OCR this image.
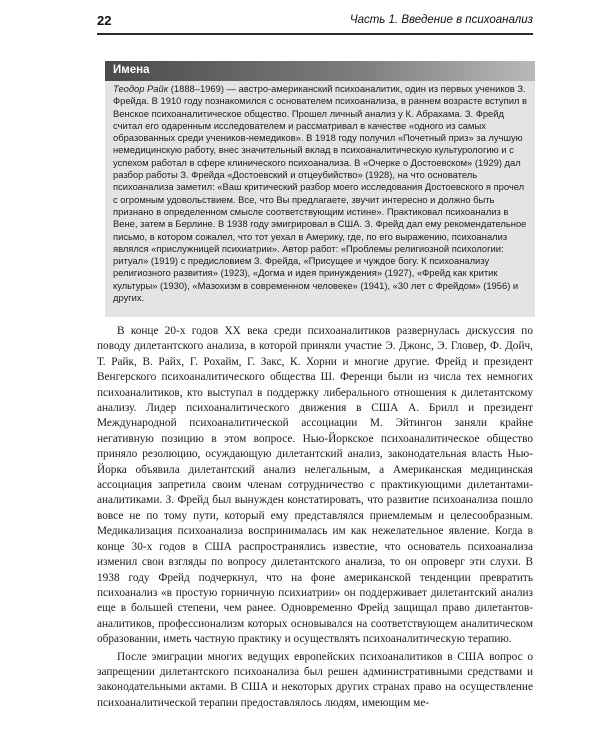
22	Часть 1. Введение в психоанализ
Имена
Теодор Райк (1888–1969) — австро-американский психоаналитик, один из первых учеников З. Фрейда. В 1910 году познакомился с основателем психоанализа, в раннем возрасте вступил в Венское психоаналитическое общество. Прошел личный анализ у К. Абрахама. З. Фрейд считал его одаренным исследователем и рассматривал в качестве «одного из самых образованных среди учеников-немедиков». В 1918 году получил «Почетный приз» за лучшую немедицинскую работу, внес значительный вклад в психоаналитическую культурологию и с успехом работал в сфере клинического психоанализа. В «Очерке о Достоевском» (1929) дал разбор работы З. Фрейда «Достоевский и отцеубийство» (1928), на что основатель психоанализа заметил: «Ваш критический разбор моего исследования Достоевского я прочел с огромным удовольствием. Все, что Вы предлагаете, звучит интересно и должно быть признано в определенном смысле соответствующим истине». Практиковал психоанализ в Вене, затем в Берлине. В 1938 году эмигрировал в США. З. Фрейд дал ему рекомендательное письмо, в котором сожалел, что тот уехал в Америку, где, по его выражению, психоанализ являлся «прислужницей психиатрии». Автор работ: «Проблемы религиозной психологии: ритуал» (1919) с предисловием З. Фрейда, «Присущее и чуждое богу. К психоанализу религиозного развития» (1923), «Догма и идея принуждения» (1927), «Фрейд как критик культуры» (1930), «Мазохизм в современном человеке» (1941), «30 лет с Фрейдом» (1956) и других.

В конце 20-х годов XX века среди психоаналитиков развернулась дискуссия по поводу дилетантского анализа, в которой приняли участие Э. Джонс, Э. Гловер, Ф. Дойч, Т. Райк, В. Райх, Г. Рохайм, Г. Закс, К. Хорни и многие другие. Фрейд и президент Венгерского психоаналитического общества Ш. Ференци были из числа тех немногих психоаналитиков, кто выступал в поддержку либерального отношения к дилетантскому анализу. Лидер психоаналитического движения в США А. Брилл и президент Международной психоаналитической ассоциации М. Эйтингон заняли крайне негативную позицию в этом вопросе. Нью-Йоркское психоаналитическое общество приняло резолюцию, осуждающую дилетантский анализ, законодательная власть Нью-Йорка объявила дилетантский анализ нелегальным, а Американская медицинская ассоциация запретила своим членам сотрудничество с практикующими дилетантами-аналитиками. З. Фрейд был вынужден констатировать, что развитие психоанализа пошло вовсе не по тому пути, который ему представлялся приемлемым и целесообразным. Медикализация психоанализа воспринималась им как нежелательное явление. Когда в конце 30-х годов в США распространялись известие, что основатель психоанализа изменил свои взгляды по вопросу дилетантского анализа, то он опроверг эти слухи. В 1938 году Фрейд подчеркнул, что на фоне американской тенденции превратить психоанализ «в простую горничную психиатрии» он поддерживает дилетантский анализ еще в большей степени, чем ранее. Одновременно Фрейд защищал право дилетантов-аналитиков, профессионализм которых основывался на соответствующем аналитическом образовании, иметь частную практику и осуществлять психоаналитическую терапию.

После эмиграции многих ведущих европейских психоаналитиков в США вопрос о запрещении дилетантского психоанализа был решен административными средствами и законодательными актами. В США и некоторых других странах право на осуществление психоаналитической терапии предоставлялось людям, имеющим ме-
